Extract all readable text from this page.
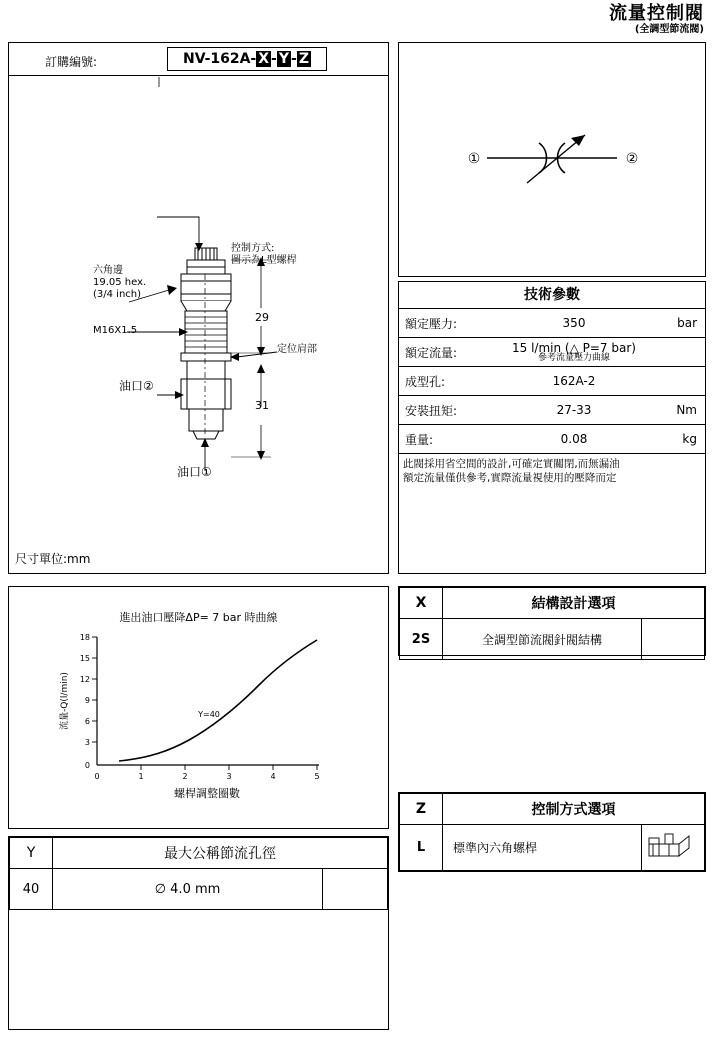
流量控制閥
(全調型節流閥)
訂購編號:	NV-162A- X - Y - Z
控制方式:
圖示為L型螺桿
六角邊
19.05 hex.
(3/4 inch)
M16X1.5
定位肩部
油口②
油口①
29
31
尺寸單位:mm
①	②
技術參數
額定壓力:	350	bar
額定流量:	15 l/min (△ P=7 bar)
參考流量壓力曲線	

成型孔:	162A-2	
安裝扭矩:	27-33	Nm
重量:	0.08	kg
此閥採用省空間的設計,可確定實關閉,而無漏油
額定流量僅供參考,實際流量視使用的壓降而定
X	結構設計選項	
2S	全調型節流閥針閥結構	
Z	控制方式選項	
L	標準內六角螺桿	
進出油口壓降ΔP= 7 bar 時曲線
18
15
12
9
6
3
0
0	1	2	3	4	5
Y=40
流量-Q(l/min)
螺桿調整圈數
Y	最大公稱節流孔徑	
40	∅ 4.0 mm	
